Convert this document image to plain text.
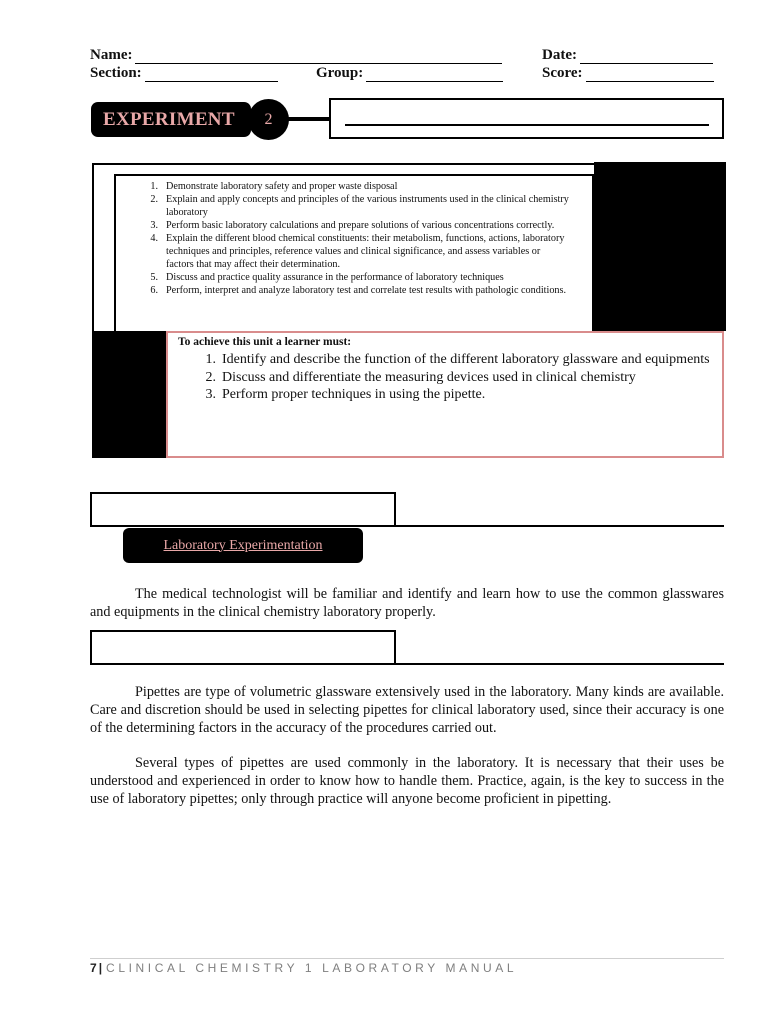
Name:	Date:
Section:	Group:	Score:
EXPERIMENT 2
1. Demonstrate laboratory safety and proper waste disposal
2. Explain and apply concepts and principles of the various instruments used in the clinical chemistry laboratory
3. Perform basic laboratory calculations and prepare solutions of various concentrations correctly.
4. Explain the different blood chemical constituents: their metabolism, functions, actions, laboratory techniques and principles, reference values and clinical significance, and assess variables or factors that may affect their determination.
5. Discuss and practice quality assurance in the performance of laboratory techniques
6. Perform, interpret and analyze laboratory test and correlate test results with pathologic conditions.
To achieve this unit a learner must:
1. Identify and describe the function of the different laboratory glassware and equipments
2. Discuss and differentiate the measuring devices used in clinical chemistry
3. Perform proper techniques in using the pipette.
Laboratory Experimentation

The medical technologist will be familiar and identify and learn how to use the common glasswares and equipments in the clinical chemistry laboratory properly.

Pipettes are type of volumetric glassware extensively used in the laboratory. Many kinds are available. Care and discretion should be used in selecting pipettes for clinical laboratory used, since their accuracy is one of the determining factors in the accuracy of the procedures carried out.

Several types of pipettes are used commonly in the laboratory. It is necessary that their uses be understood and experienced in order to know how to handle them. Practice, again, is the key to success in the use of laboratory pipettes; only through practice will anyone become proficient in pipetting.

7 | CLINICAL CHEMISTRY 1 LABORATORY MANUAL
